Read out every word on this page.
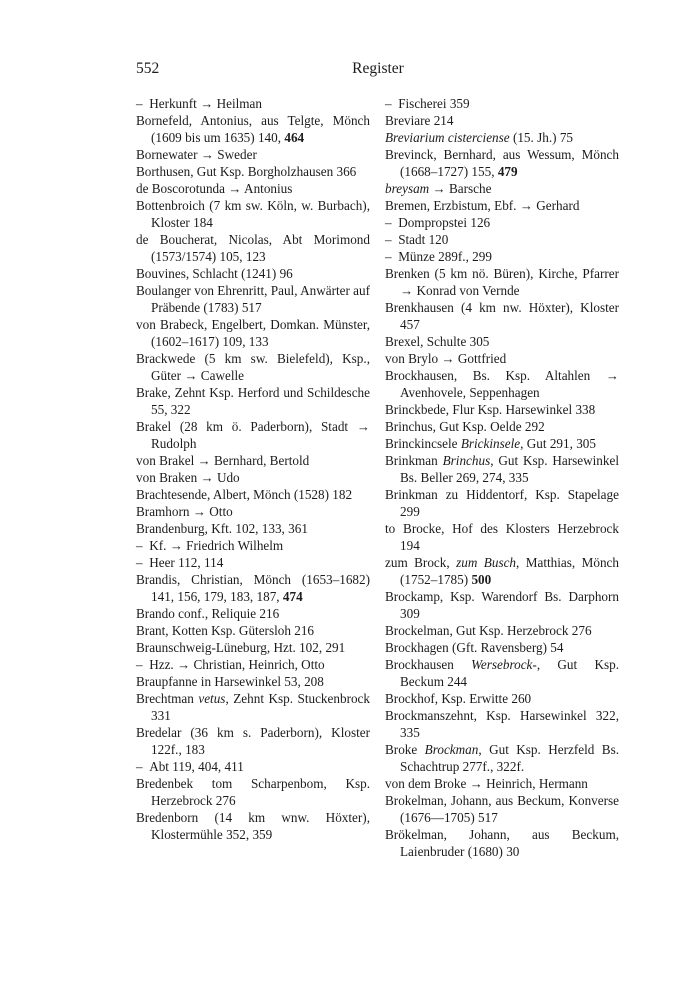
552	Register
– Herkunft → Heilman
Bornefeld, Antonius, aus Telgte, Mönch (1609 bis um 1635) 140, 464
Bornewater → Sweder
Borthusen, Gut Ksp. Borgholzhausen 366
de Boscorotunda → Antonius
Bottenbroich (7 km sw. Köln, w. Burbach), Kloster 184
de Boucherat, Nicolas, Abt Morimond (1573/1574) 105, 123
Bouvines, Schlacht (1241) 96
Boulanger von Ehrenritt, Paul, Anwärter auf Präbende (1783) 517
von Brabeck, Engelbert, Domkan. Münster, (1602–1617) 109, 133
Brackwede (5 km sw. Bielefeld), Ksp., Güter → Cawelle
Brake, Zehnt Ksp. Herford und Schildesche 55, 322
Brakel (28 km ö. Paderborn), Stadt → Rudolph
von Brakel → Bernhard, Bertold
von Braken → Udo
Brachtesende, Albert, Mönch (1528) 182
Bramhorn → Otto
Brandenburg, Kft. 102, 133, 361
– Kf. → Friedrich Wilhelm
– Heer 112, 114
Brandis, Christian, Mönch (1653–1682) 141, 156, 179, 183, 187, 474
Brando conf., Reliquie 216
Brant, Kotten Ksp. Gütersloh 216
Braunschweig-Lüneburg, Hzt. 102, 291
– Hzz. → Christian, Heinrich, Otto
Braupfanne in Harsewinkel 53, 208
Brechtman vetus, Zehnt Ksp. Stuckenbrock 331
Bredelar (36 km s. Paderborn), Kloster 122f., 183
– Abt 119, 404, 411
Bredenbek tom Scharpenbom, Ksp. Herzebrock 276
Bredenborn (14 km wnw. Höxter), Klostermühle 352, 359
– Fischerei 359
Breviare 214
Breviarium cisterciense (15. Jh.) 75
Brevinck, Bernhard, aus Wessum, Mönch (1668–1727) 155, 479
breysam → Barsche
Bremen, Erzbistum, Ebf. → Gerhard
– Dompropstei 126
– Stadt 120
– Münze 289f., 299
Brenken (5 km nö. Büren), Kirche, Pfarrer → Konrad von Vernde
Brenkhausen (4 km nw. Höxter), Kloster 457
Brexel, Schulte 305
von Brylo → Gottfried
Brockhausen, Bs. Ksp. Altahlen → Avenhovele, Seppenhagen
Brinckbede, Flur Ksp. Harsewinkel 338
Brinchus, Gut Ksp. Oelde 292
Brinckincsele Brickinsele, Gut 291, 305
Brinkman Brinchus, Gut Ksp. Harsewinkel Bs. Beller 269, 274, 335
Brinkman zu Hiddentorf, Ksp. Stapelage 299
to Brocke, Hof des Klosters Herzebrock 194
zum Brock, zum Busch, Matthias, Mönch (1752–1785) 500
Brockamp, Ksp. Warendorf Bs. Darphorn 309
Brockelman, Gut Ksp. Herzebrock 276
Brockhagen (Gft. Ravensberg) 54
Brockhausen Wersebrock-, Gut Ksp. Beckum 244
Brockhof, Ksp. Erwitte 260
Brockmanszehnt, Ksp. Harsewinkel 322, 335
Broke Brockman, Gut Ksp. Herzfeld Bs. Schachtrup 277f., 322f.
von dem Broke → Heinrich, Hermann
Brokelman, Johann, aus Beckum, Konverse (1676—1705) 517
Brökelman, Johann, aus Beckum, Laienbruder (1680) 30
